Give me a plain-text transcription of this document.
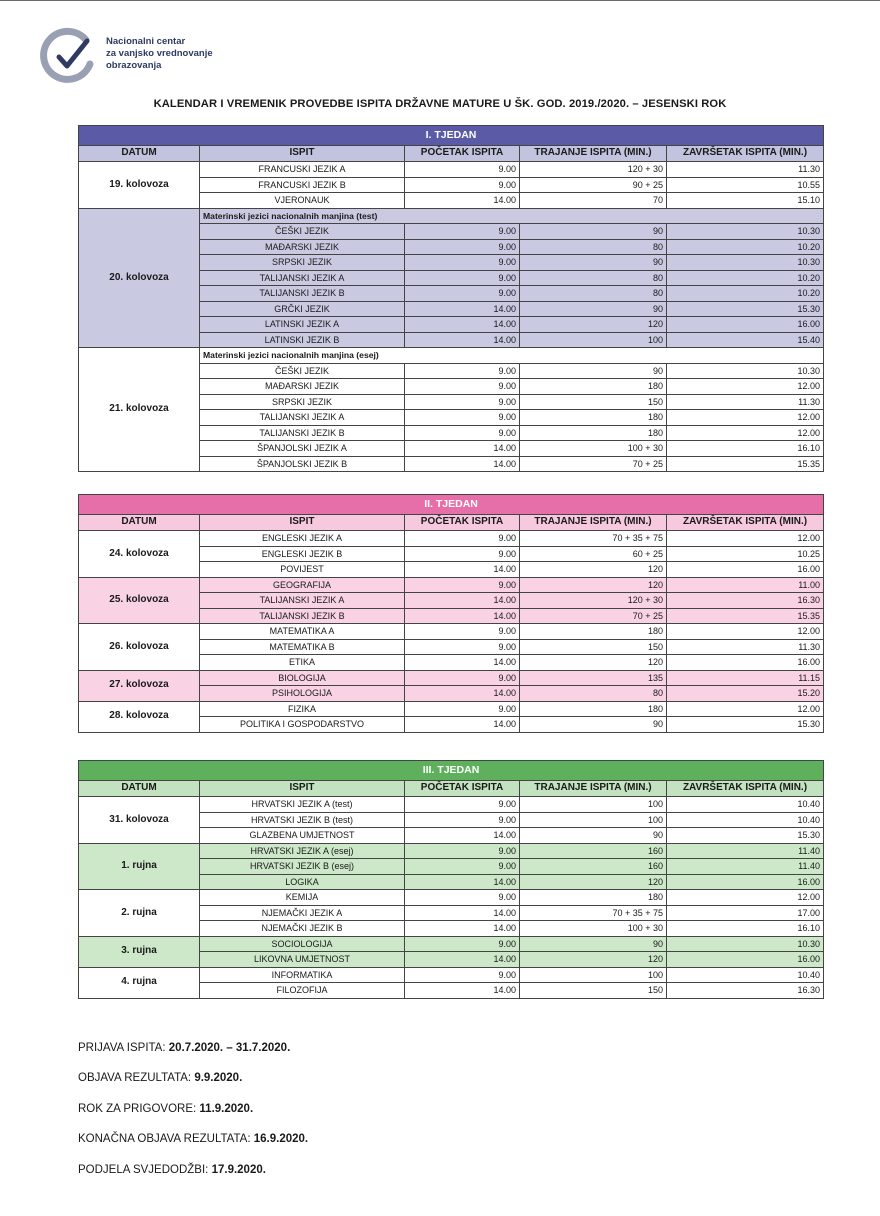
Nacionalni centar
za vanjsko vrednovanje
obrazovanja
KALENDAR I VREMENIK PROVEDBE ISPITA DRŽAVNE MATURE U ŠK. GOD. 2019./2020. – JESENSKI ROK
I. TJEDAN				
DATUM	ISPIT	POČETAK ISPITA	TRAJANJE ISPITA (MIN.)	ZAVRŠETAK ISPITA (MIN.)
19. kolovoza	FRANCUSKI JEZIK A	9.00	120 + 30	11.30
	FRANCUSKI JEZIK B	9.00	90 + 25	10.55
	VJERONAUK	14.00	70	15.10
20. kolovoza	Materinski jezici nacionalnih manjina (test)			
	ČEŠKI JEZIK	9.00	90	10.30
	MAĐARSKI JEZIK	9.00	80	10.20
	SRPSKI JEZIK	9.00	90	10.30
	TALIJANSKI JEZIK A	9.00	80	10.20
	TALIJANSKI JEZIK B	9.00	80	10.20
	GRČKI JEZIK	14.00	90	15.30
	LATINSKI JEZIK A	14.00	120	16.00
	LATINSKI JEZIK B	14.00	100	15.40
21. kolovoza	Materinski jezici nacionalnih manjina (esej)			
	ČEŠKI JEZIK	9.00	90	10.30
	MAĐARSKI JEZIK	9.00	180	12.00
	SRPSKI JEZIK	9.00	150	11.30
	TALIJANSKI JEZIK A	9.00	180	12.00
	TALIJANSKI JEZIK B	9.00	180	12.00
	ŠPANJOLSKI JEZIK A	14.00	100 + 30	16.10
	ŠPANJOLSKI JEZIK B	14.00	70 + 25	15.35
II. TJEDAN				
DATUM	ISPIT	POČETAK ISPITA	TRAJANJE ISPITA (MIN.)	ZAVRŠETAK ISPITA (MIN.)
24. kolovoza	ENGLESKI JEZIK A	9.00	70 + 35 + 75	12.00
	ENGLESKI JEZIK B	9.00	60 + 25	10.25
	POVIJEST	14.00	120	16.00
25. kolovoza	GEOGRAFIJA	9.00	120	11.00
	TALIJANSKI JEZIK A	14.00	120 + 30	16.30
	TALIJANSKI JEZIK B	14.00	70 + 25	15.35
26. kolovoza	MATEMATIKA A	9.00	180	12.00
	MATEMATIKA B	9.00	150	11.30
	ETIKA	14.00	120	16.00
27. kolovoza	BIOLOGIJA	9.00	135	11.15
	PSIHOLOGIJA	14.00	80	15.20
28. kolovoza	FIZIKA	9.00	180	12.00
	POLITIKA I GOSPODARSTVO	14.00	90	15.30
III. TJEDAN				
DATUM	ISPIT	POČETAK ISPITA	TRAJANJE ISPITA (MIN.)	ZAVRŠETAK ISPITA (MIN.)
31. kolovoza	HRVATSKI JEZIK A (test)	9.00	100	10.40
	HRVATSKI JEZIK B (test)	9.00	100	10.40
	GLAZBENA UMJETNOST	14.00	90	15.30
1. rujna	HRVATSKI JEZIK A (esej)	9.00	160	11.40
	HRVATSKI JEZIK B (esej)	9.00	160	11.40
	LOGIKA	14.00	120	16.00
2. rujna	KEMIJA	9.00	180	12.00
	NJEMAČKI JEZIK A	14.00	70 + 35 + 75	17.00
	NJEMAČKI JEZIK B	14.00	100 + 30	16.10
3. rujna	SOCIOLOGIJA	9.00	90	10.30
	LIKOVNA UMJETNOST	14.00	120	16.00
4. rujna	INFORMATIKA	9.00	100	10.40
	FILOZOFIJA	14.00	150	16.30
PRIJAVA ISPITA: 20.7.2020. – 31.7.2020.
OBJAVA REZULTATA: 9.9.2020.
ROK ZA PRIGOVORE: 11.9.2020.
KONAČNA OBJAVA REZULTATA: 16.9.2020.
PODJELA SVJEDODŽBI: 17.9.2020.
